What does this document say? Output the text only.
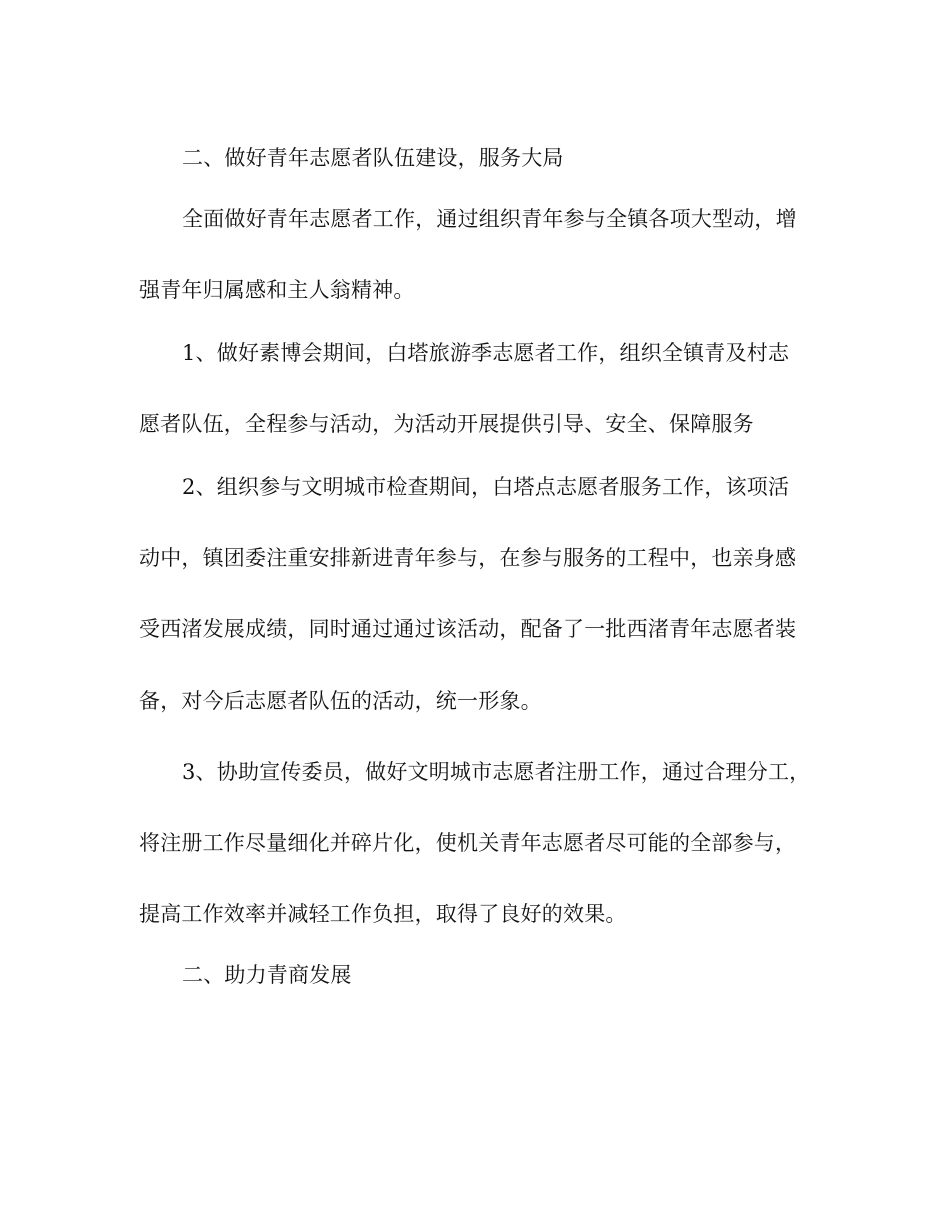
二、做好青年志愿者队伍建设，服务大局
全面做好青年志愿者工作，通过组织青年参与全镇各项大型动，增
强青年归属感和主人翁精神。
1、做好素博会期间，白塔旅游季志愿者工作，组织全镇青及村志
愿者队伍，全程参与活动，为活动开展提供引导、安全、保障服务
2、组织参与文明城市检查期间，白塔点志愿者服务工作，该项活
动中，镇团委注重安排新进青年参与，在参与服务的工程中，也亲身感
受西渚发展成绩，同时通过通过该活动，配备了一批西渚青年志愿者装
备，对今后志愿者队伍的活动，统一形象。
3、协助宣传委员，做好文明城市志愿者注册工作，通过合理分工，
将注册工作尽量细化并碎片化，使机关青年志愿者尽可能的全部参与，
提高工作效率并减轻工作负担，取得了良好的效果。
二、助力青商发展
